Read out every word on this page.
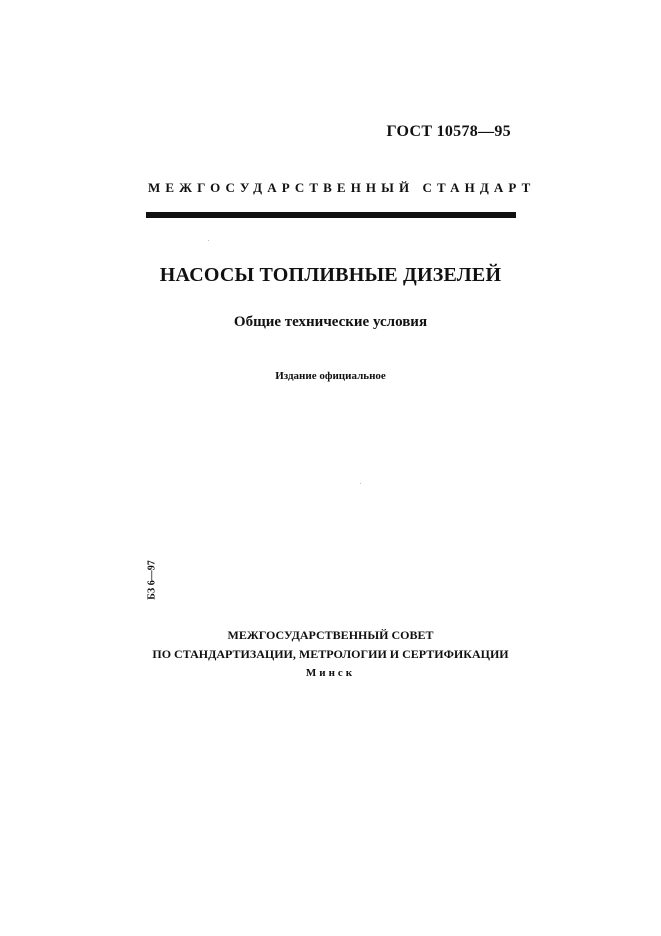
ГОСТ 10578—95
МЕЖГОСУДАРСТВЕННЫЙ СТАНДАРТ
НАСОСЫ ТОПЛИВНЫЕ ДИЗЕЛЕЙ
Общие технические условия
Издание официальное
БЗ 6—97
МЕЖГОСУДАРСТВЕННЫЙ СОВЕТ
ПО СТАНДАРТИЗАЦИИ, МЕТРОЛОГИИ И СЕРТИФИКАЦИИ
Минск
